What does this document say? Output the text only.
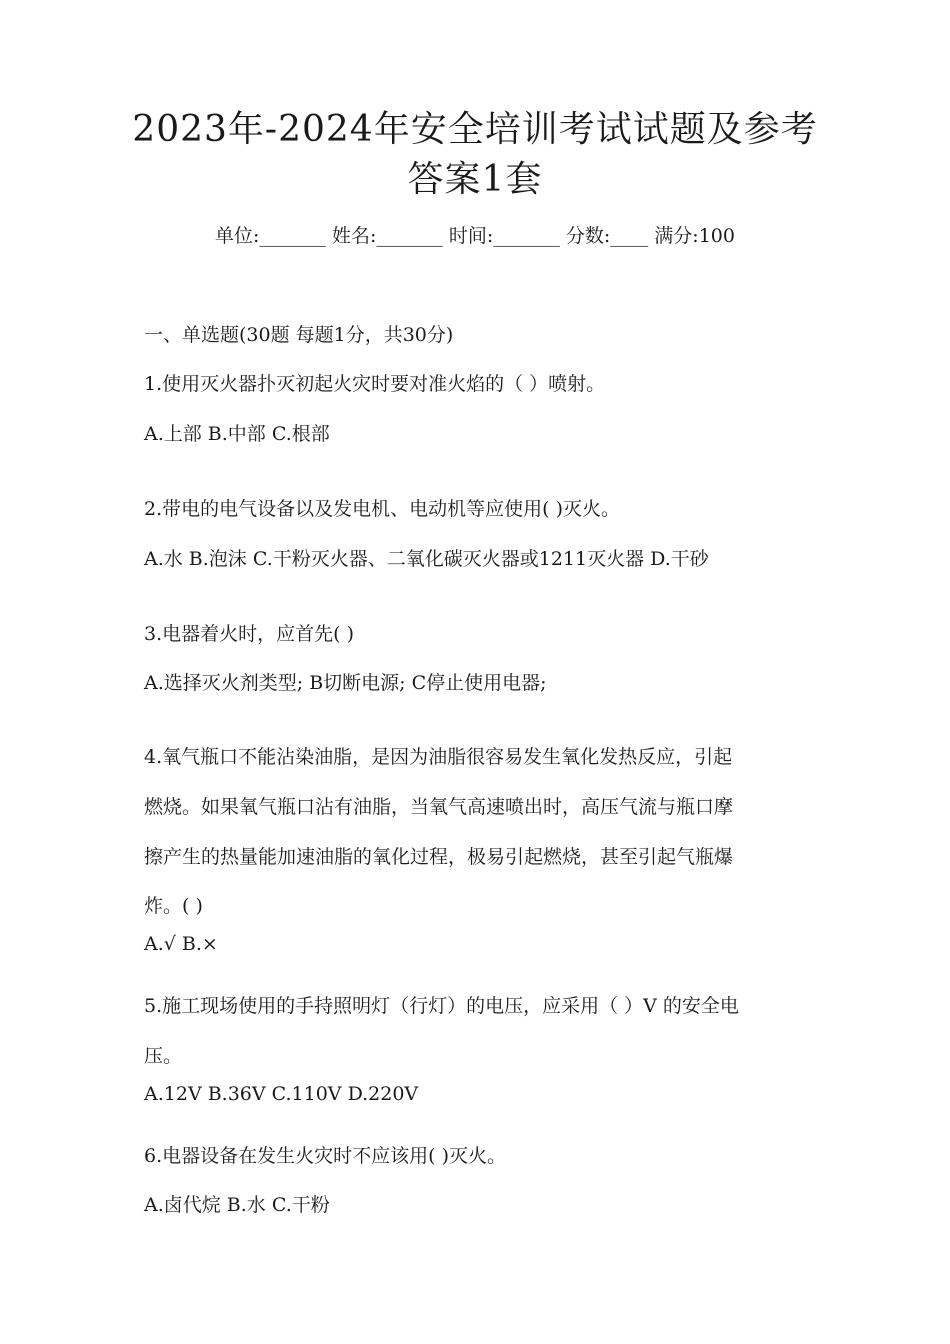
2023年-2024年安全培训考试试题及参考
答案1套
单位:_______ 姓名:_______ 时间:_______ 分数:____ 满分:100
一、单选题(30题 每题1分，共30分)
1.使用灭火器扑灭初起火灾时要对准火焰的（ ）喷射。
A.上部 B.中部 C.根部
2.带电的电气设备以及发电机、电动机等应使用( )灭火。
A.水 B.泡沫 C.干粉灭火器、二氧化碳灭火器或1211灭火器 D.干砂
3.电器着火时，应首先( )
A.选择灭火剂类型; B切断电源; C停止使用电器;
4.氧气瓶口不能沾染油脂，是因为油脂很容易发生氧化发热反应，引起
燃烧。如果氧气瓶口沾有油脂，当氧气高速喷出时，高压气流与瓶口摩
擦产生的热量能加速油脂的氧化过程，极易引起燃烧，甚至引起气瓶爆
炸。( )
A.√ B.×
5.施工现场使用的手持照明灯（行灯）的电压，应采用（ ）V 的安全电
压。
A.12V B.36V C.110V D.220V
6.电器设备在发生火灾时不应该用( )灭火。
A.卤代烷 B.水 C.干粉
